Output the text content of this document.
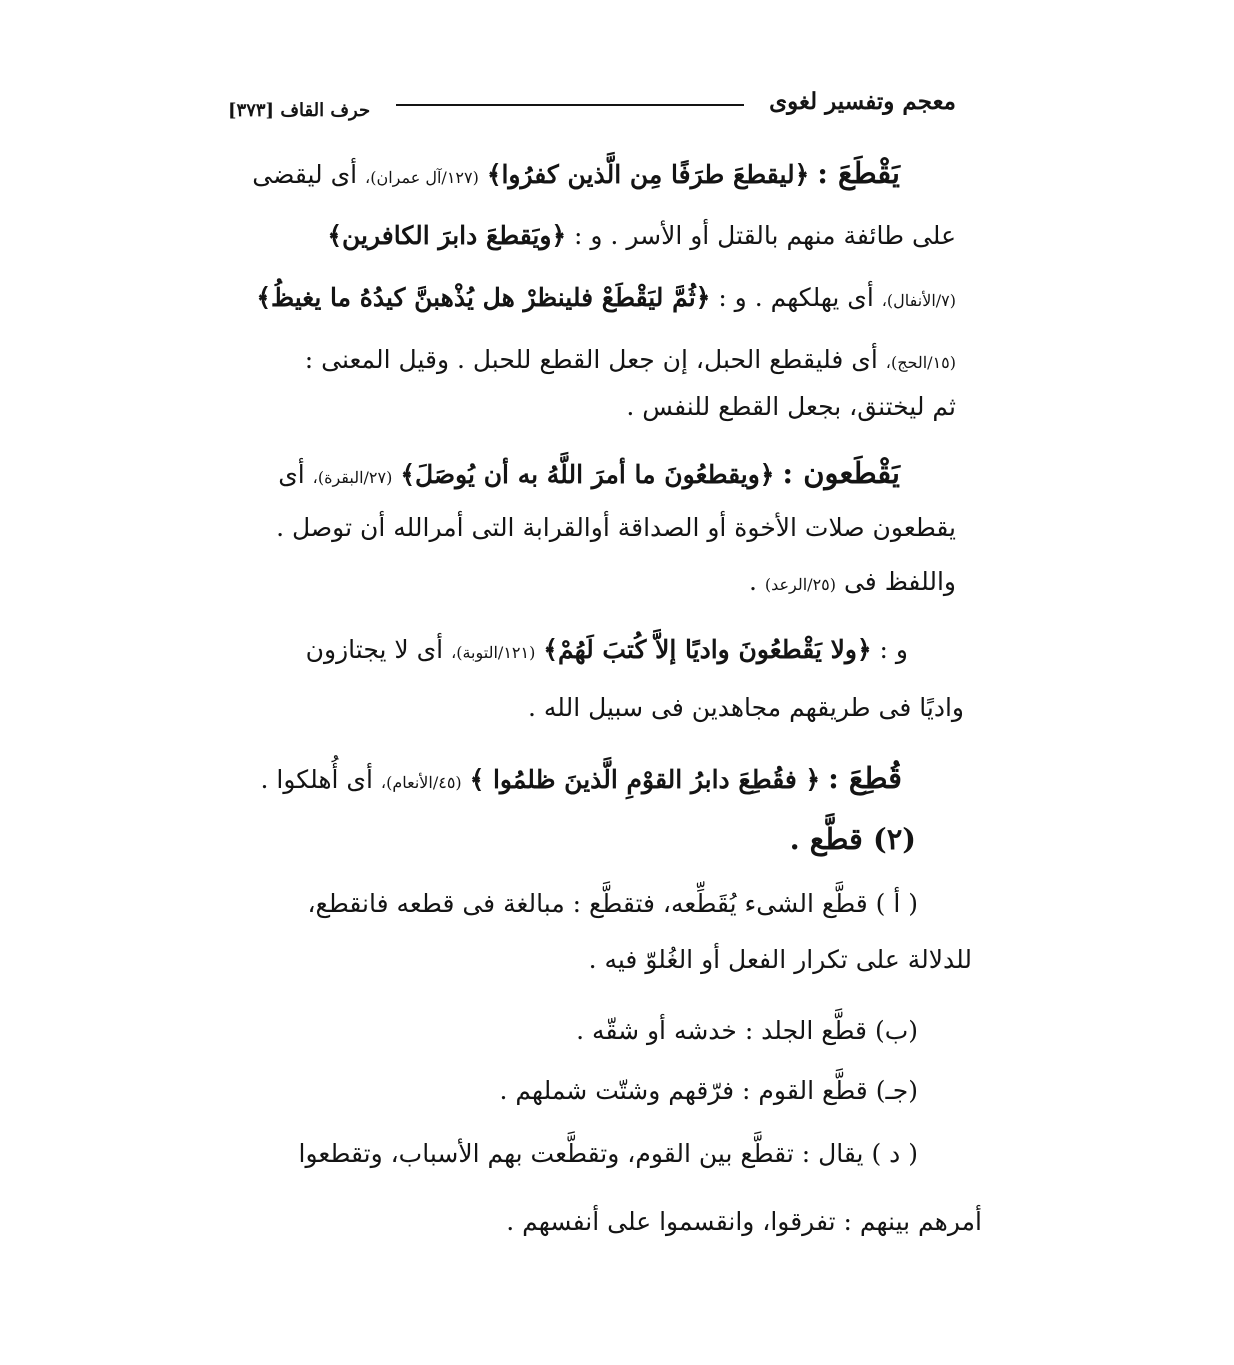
معجم وتفسير لغوى
حرف القاف [٣٧٣]
يَقْطَعَ : ﴿ليقطعَ طرَفًا مِن الَّذين كفرُوا﴾ (١٢٧/آل عمران)، أى ليقضى
على طائفة منهم بالقتل أو الأسر . و : ﴿ويَقطعَ دابرَ الكافرين﴾
(٧/الأنفال)، أى يهلكهم . و : ﴿ثُمَّ ليَقْطَعْ فلينظرْ هل يُذْهبنَّ كيدُهُ ما يغيظُ﴾
(١٥/الحج)، أى فليقطع الحبل، إن جعل القطع للحبل . وقيل المعنى :
ثم ليختنق، بجعل القطع للنفس .
يَقْطَعون : ﴿ويقطعُونَ ما أمرَ اللَّهُ به أن يُوصَلَ﴾ (٢٧/البقرة)، أى
يقطعون صلات الأخوة أو الصداقة أوالقرابة التى أمرالله أن توصل .
واللفظ فى (٢٥/الرعد) .
و : ﴿ولا يَقْطعُونَ واديًا إلاَّ كُتبَ لَهُمْ﴾ (١٢١/التوبة)، أى لا يجتازون
واديًا فى طريقهم مجاهدين فى سبيل الله .
قُطِعَ : ﴿ فقُطِعَ دابرُ القوْمِ الَّذينَ ظلمُوا ﴾ (٤٥/الأنعام)، أى أُهلكوا .
(٢) قطَّع .
( أ ) قطَّع الشىء يُقَطِّعه، فتقطَّع : مبالغة فى قطعه فانقطع،
للدلالة على تكرار الفعل أو الغُلوّ فيه .
(ب) قطَّع الجلد : خدشه أو شقّه .
(جـ) قطَّع القوم : فرّقهم وشتّت شملهم .
( د ) يقال : تقطَّع بين القوم، وتقطَّعت بهم الأسباب، وتقطعوا
أمرهم بينهم : تفرقوا، وانقسموا على أنفسهم .
